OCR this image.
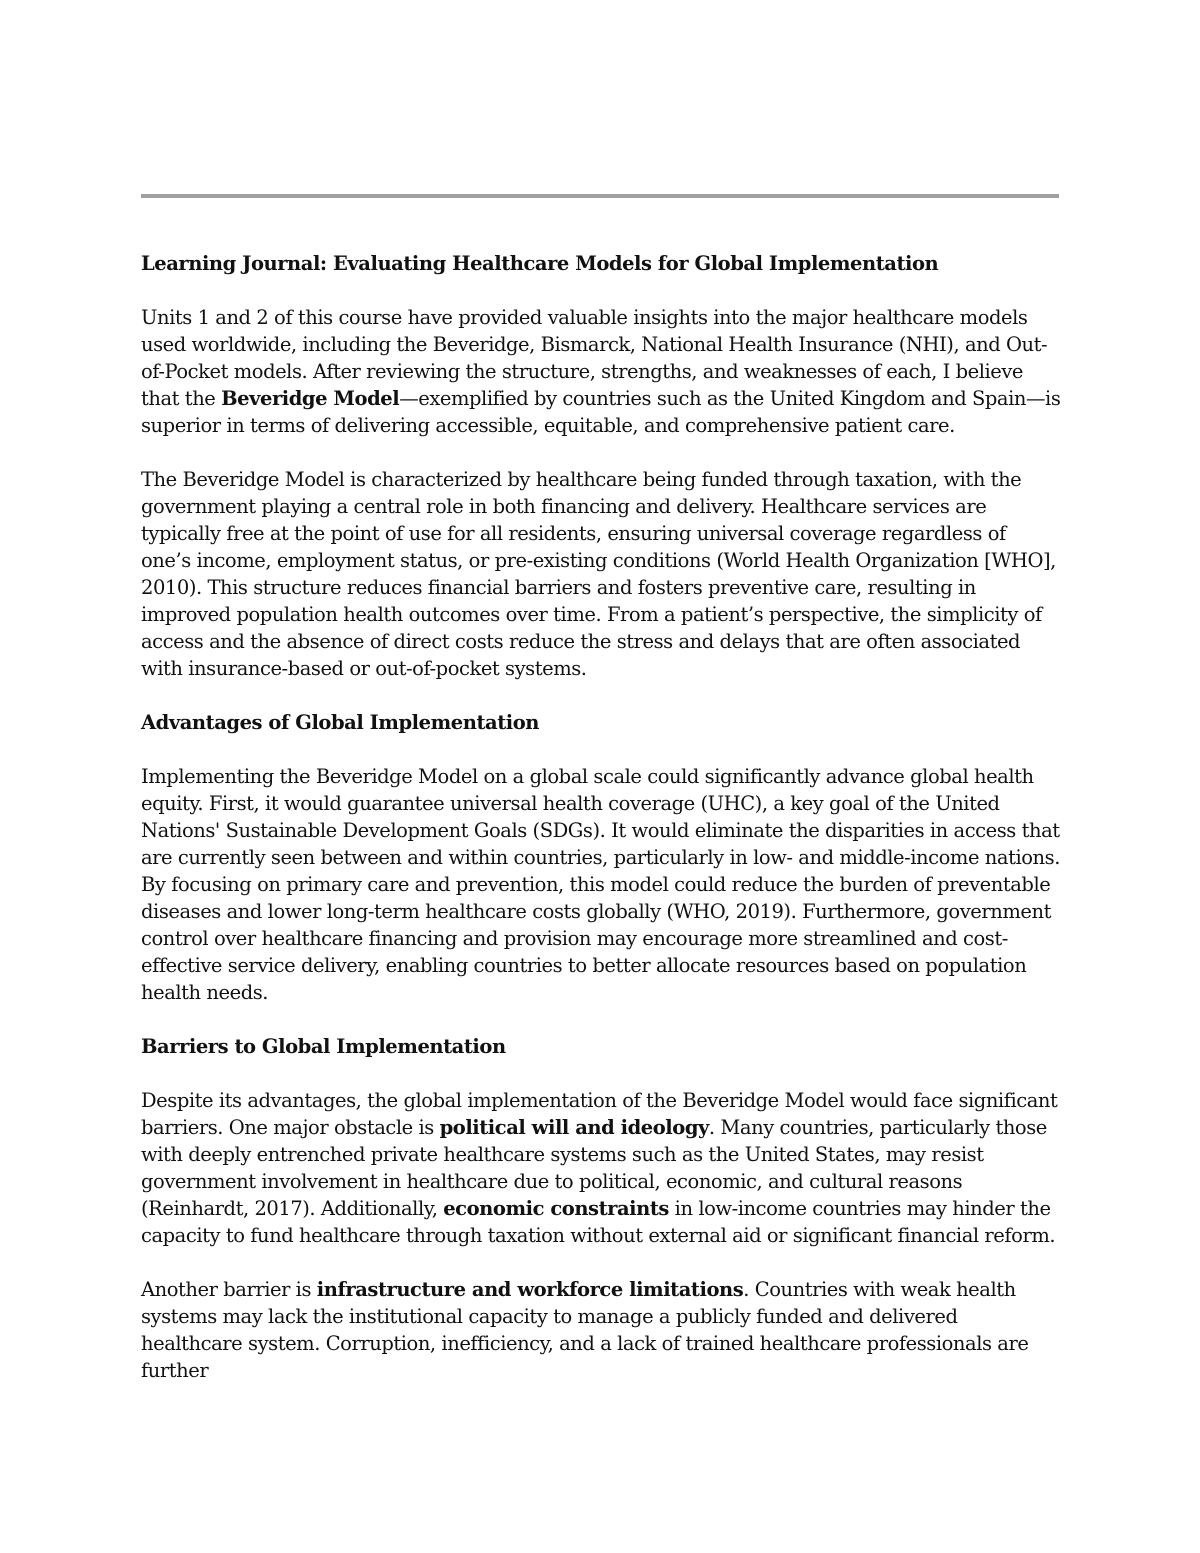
Learning Journal: Evaluating Healthcare Models for Global Implementation

Units 1 and 2 of this course have provided valuable insights into the major healthcare models used worldwide, including the Beveridge, Bismarck, National Health Insurance (NHI), and Out-of-Pocket models. After reviewing the structure, strengths, and weaknesses of each, I believe that the Beveridge Model—exemplified by countries such as the United Kingdom and Spain—is superior in terms of delivering accessible, equitable, and comprehensive patient care.

The Beveridge Model is characterized by healthcare being funded through taxation, with the government playing a central role in both financing and delivery. Healthcare services are typically free at the point of use for all residents, ensuring universal coverage regardless of one’s income, employment status, or pre-existing conditions (World Health Organization [WHO], 2010). This structure reduces financial barriers and fosters preventive care, resulting in improved population health outcomes over time. From a patient’s perspective, the simplicity of access and the absence of direct costs reduce the stress and delays that are often associated with insurance-based or out-of-pocket systems.

Advantages of Global Implementation

Implementing the Beveridge Model on a global scale could significantly advance global health equity. First, it would guarantee universal health coverage (UHC), a key goal of the United Nations' Sustainable Development Goals (SDGs). It would eliminate the disparities in access that are currently seen between and within countries, particularly in low- and middle-income nations. By focusing on primary care and prevention, this model could reduce the burden of preventable diseases and lower long-term healthcare costs globally (WHO, 2019). Furthermore, government control over healthcare financing and provision may encourage more streamlined and cost-effective service delivery, enabling countries to better allocate resources based on population health needs.

Barriers to Global Implementation

Despite its advantages, the global implementation of the Beveridge Model would face significant barriers. One major obstacle is political will and ideology. Many countries, particularly those with deeply entrenched private healthcare systems such as the United States, may resist government involvement in healthcare due to political, economic, and cultural reasons (Reinhardt, 2017). Additionally, economic constraints in low-income countries may hinder the capacity to fund healthcare through taxation without external aid or significant financial reform.

Another barrier is infrastructure and workforce limitations. Countries with weak health systems may lack the institutional capacity to manage a publicly funded and delivered healthcare system. Corruption, inefficiency, and a lack of trained healthcare professionals are further
